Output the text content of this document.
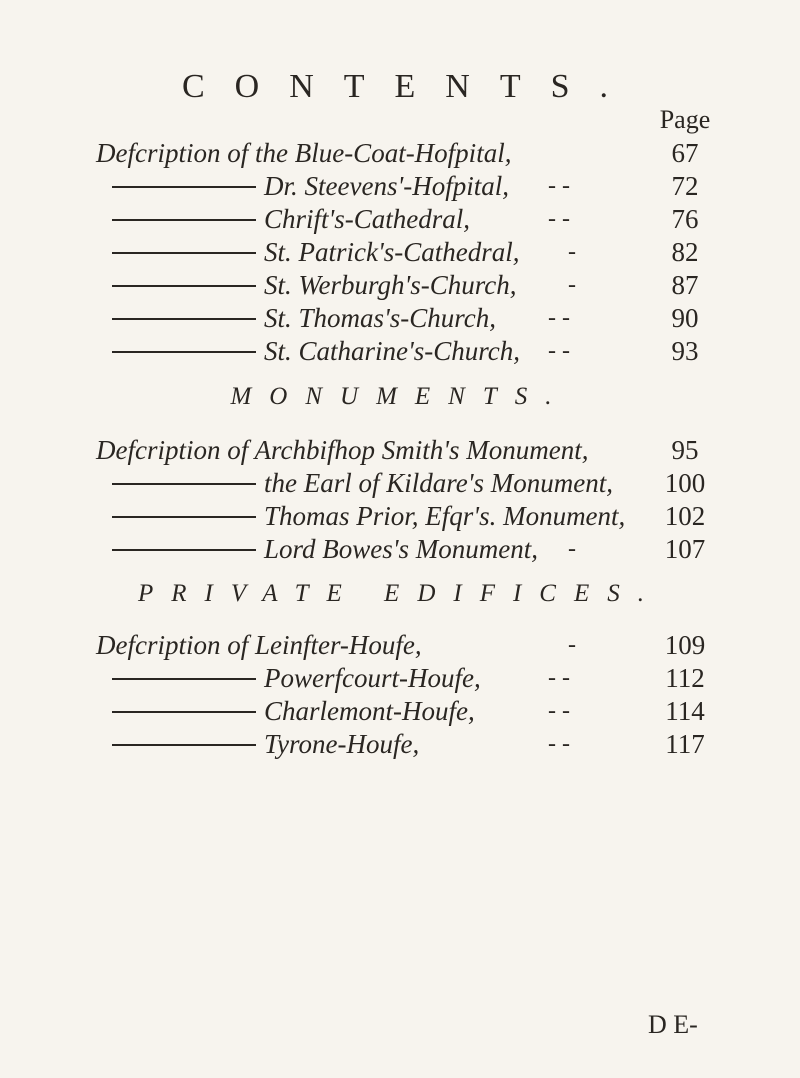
CONTENTS.
Page
Defcription of the Blue-Coat-Hofpital,	67
Dr. Steevens'-Hofpital, - -	72
Chrift's-Cathedral,	- -	76
St. Patrick's-Cathedral, -	82
St. Werburgh's-Church, -	87
St. Thomas's-Church, - -	90
St. Catharine's-Church, - -	93
MONUMENTS.
Defcription of Archbifhop Smith's Monument,	95
the Earl of Kildare's Monument,	100
Thomas Prior, Efqr's. Monument,	102
Lord Bowes's Monument, -	107
PRIVATE EDIFICES.
Defcription of Leinfter-Houfe,	-	109
Powerfcourt-Houfe,	- -	112
Charlemont-Houfe,	- -	114
Tyrone-Houfe,	- -	117
D E-
